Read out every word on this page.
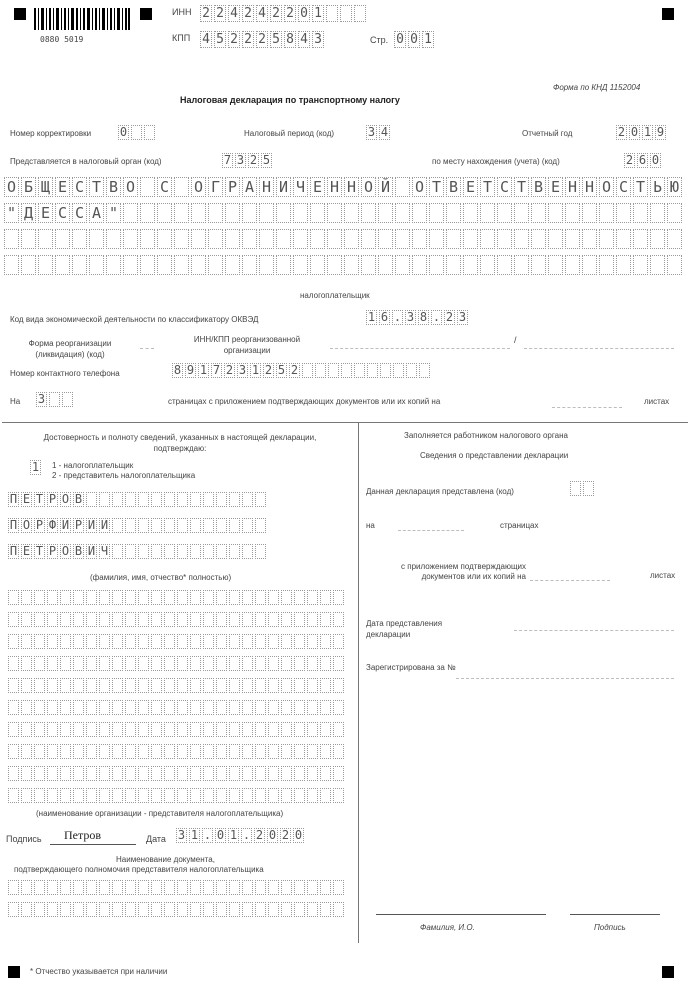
0880 5019
ИНН 2 2 4 2 4 2 2 0 1
КПП 4 5 2 2 2 5 8 4 3	Стр. 0 0 1
Форма по КНД 1152004
Налоговая декларация по транспортному налогу
Номер корректировки 0	Налоговый период (код)	3 4	Отчетный год	2 0 1 9
Представляется в налоговый орган (код)	7 3 2 5	по месту нахождения (учета) (код)	2 6 0
О Б Щ Е С Т В О С О Г Р А Н И Ч Е Н Н О Й О Т В Е Т С Т В Е Н Н О С Т Ь Ю
" Д Е С С А "
налогоплательщик
Код вида экономической деятельности по классификатору ОКВЭД	1 6 . 3 8 . 2 3
Форма реорганизации (ликвидация) (код)
ИНН/КПП реорганизованной организации
/
Номер контактного телефона	8 9 1 7 2 3 1 2 5 2
На 3	страницах с приложением подтверждающих документов или их копий на	листах
Достоверность и полноту сведений, указанных в настоящей декларации, подтверждаю:
1 1 - налогоплательщик
2 - представитель налогоплательщика
П Е Т Р О В
П О Р Ф И Р И Й
П Е Т Р О В И Ч
(фамилия, имя, отчество* полностью)
(наименование организации - представителя налогоплательщика)
Подпись Петров	Дата 3 1 . 0 1 . 2 0 2 0
Наименование документа,
подтверждающего полномочия представителя налогоплательщика
* Отчество указывается при наличии
Заполняется работником налогового органа
Сведения о представлении декларации
Данная декларация представлена (код)
на	страницах
с приложением подтверждающих документов или их копий на	листах
Дата представления декларации
Зарегистрирована за №
Фамилия, И.О.	Подпись
